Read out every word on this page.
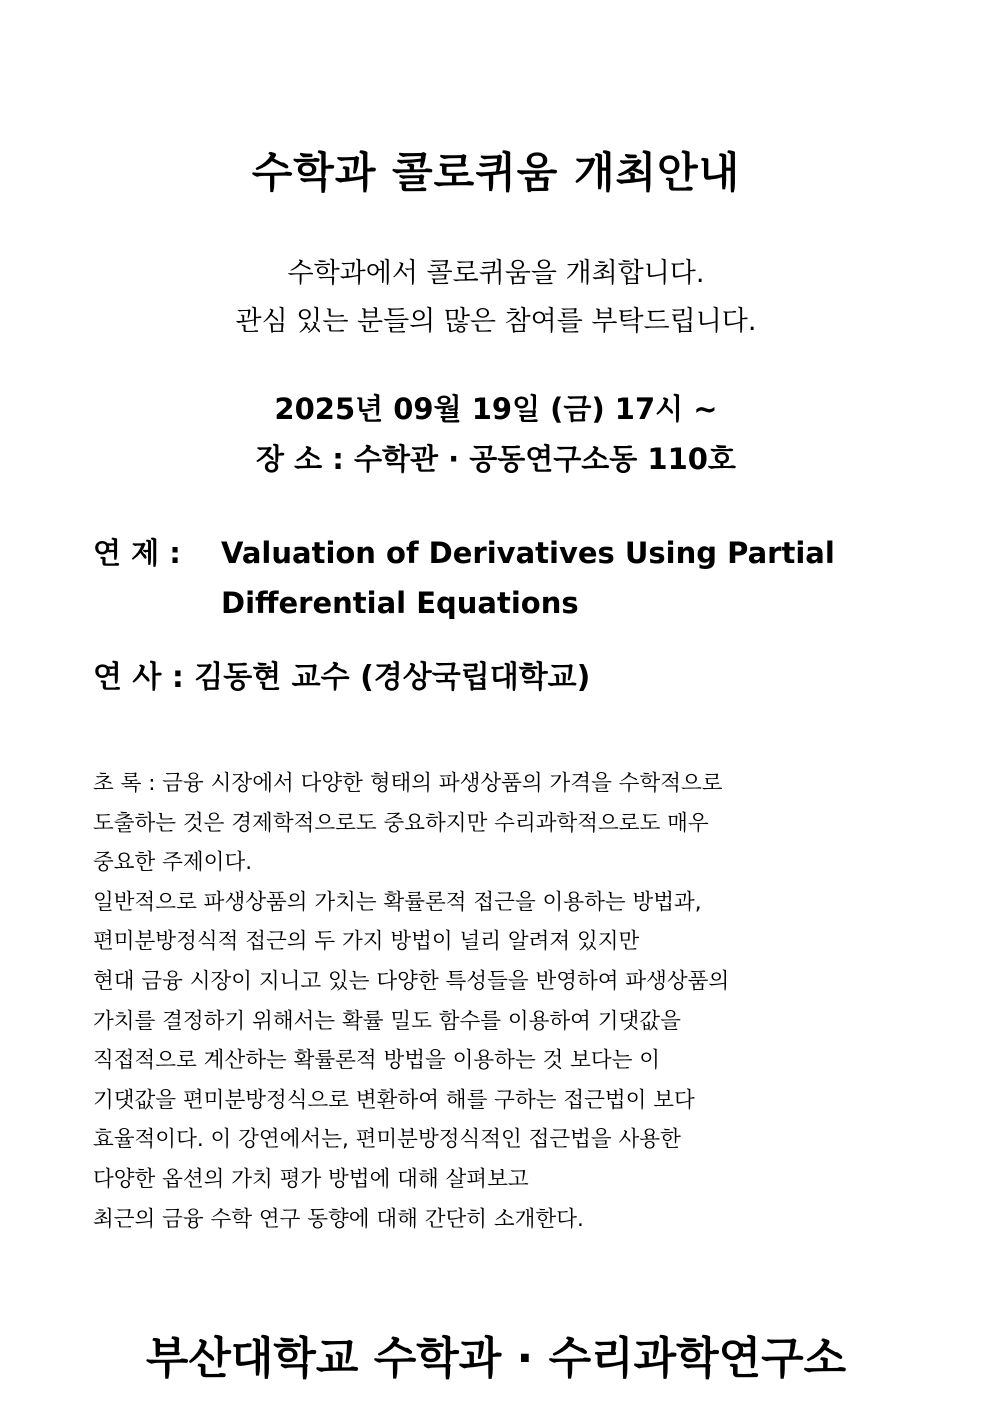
수학과 콜로퀴움 개최안내
수학과에서 콜로퀴움을 개최합니다.
관심 있는 분들의 많은 참여를 부탁드립니다.
2025년 09월 19일 (금) 17시 ~
장 소 : 수학관 · 공동연구소동 110호
연 제 :	Valuation of Derivatives Using Partial
Differential Equations
연 사 : 김동현 교수 (경상국립대학교)
초 록 : 금융 시장에서 다양한 형태의 파생상품의 가격을 수학적으로
도출하는 것은 경제학적으로도 중요하지만 수리과학적으로도 매우
중요한 주제이다.
일반적으로 파생상품의 가치는 확률론적 접근을 이용하는 방법과,
편미분방정식적 접근의 두 가지 방법이 널리 알려져 있지만
현대 금융 시장이 지니고 있는 다양한 특성들을 반영하여 파생상품의
가치를 결정하기 위해서는 확률 밀도 함수를 이용하여 기댓값을
직접적으로 계산하는 확률론적 방법을 이용하는 것 보다는 이
기댓값을 편미분방정식으로 변환하여 해를 구하는 접근법이 보다
효율적이다. 이 강연에서는, 편미분방정식적인 접근법을 사용한
다양한 옵션의 가치 평가 방법에 대해 살펴보고
최근의 금융 수학 연구 동향에 대해 간단히 소개한다.
부산대학교 수학과 · 수리과학연구소
